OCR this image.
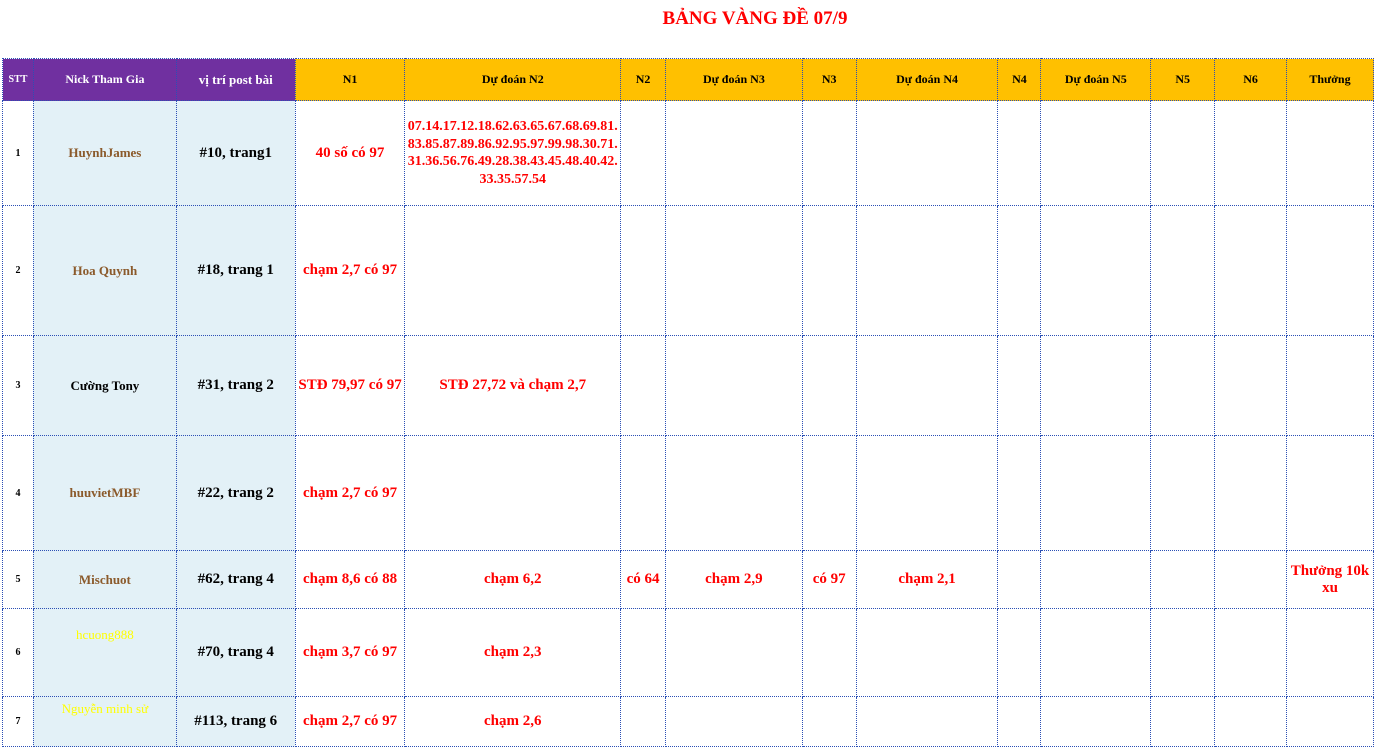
BẢNG VÀNG ĐỀ 07/9
STT	Nick Tham Gia	vị trí post bài	N1	Dự đoán N2	N2	Dự đoán N3	N3	Dự đoán N4	N4	Dự đoán N5	N5	N6	Thưởng
1	HuynhJames	#10, trang1	40 số có 97	07.14.17.12.18.62.63.65.67.68.69.81.83.85.87.89.86.92.95.97.99.98.30.71.31.36.56.76.49.28.38.43.45.48.40.42.33.35.57.54									
2	Hoa Quynh	#18, trang 1	chạm 2,7 có 97										
3	Cường Tony	#31, trang 2	STĐ 79,97 có 97	STĐ 27,72 và chạm 2,7									
4	huuvietMBF	#22, trang 2	chạm 2,7 có 97										
5	Mischuot	#62, trang 4	chạm 8,6 có 88	chạm 6,2	có 64	chạm 2,9	có 97	chạm 2,1					Thưởng 10k xu
6	hcuong888	#70, trang 4	chạm 3,7 có 97	chạm 2,3									
7	Nguyễn minh sử	#113, trang 6	chạm 2,7 có 97	chạm 2,6									
